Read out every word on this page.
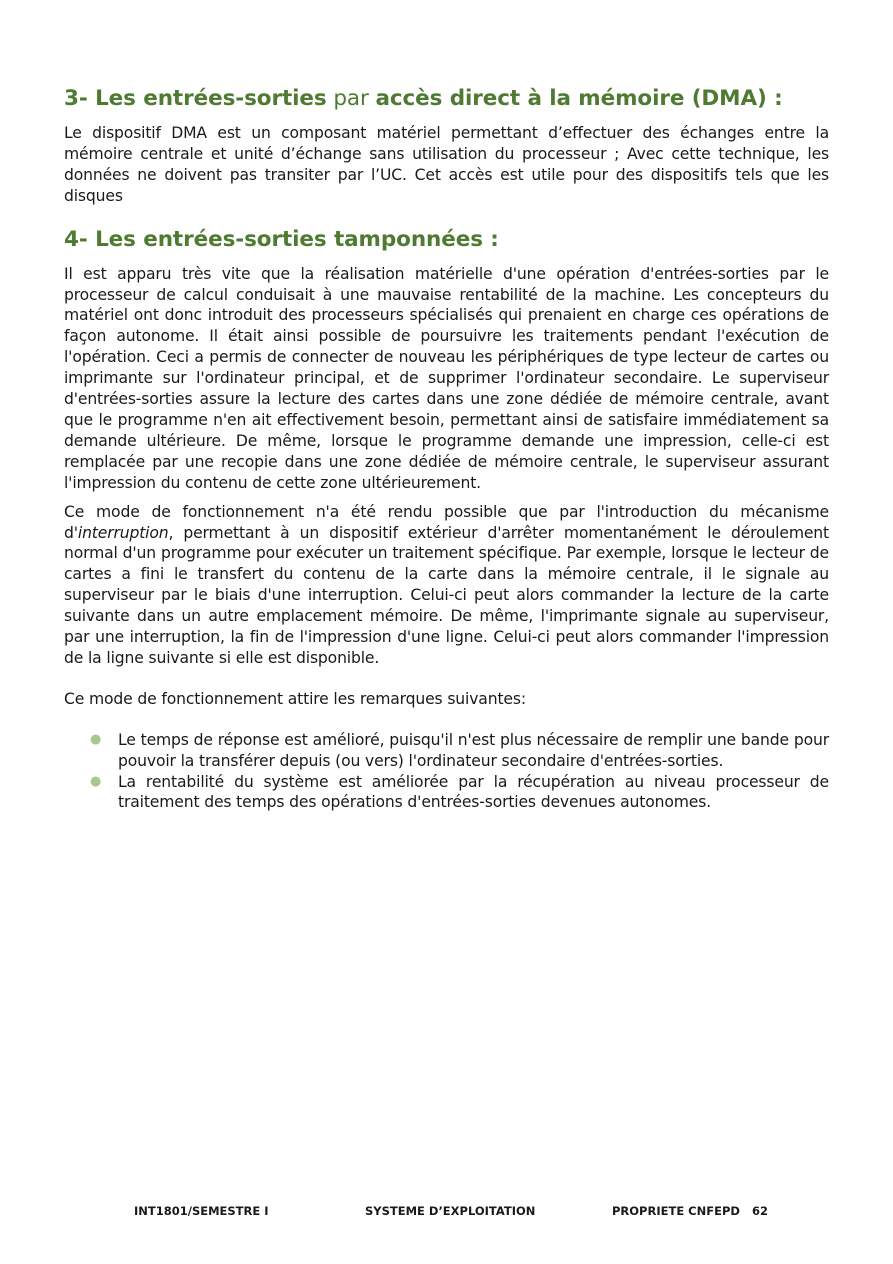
3- Les entrées-sorties par accès direct à la mémoire (DMA) :

Le dispositif DMA est un composant matériel permettant d’effectuer des échanges entre la mémoire centrale et unité d’échange sans utilisation du processeur ; Avec cette technique, les données ne doivent pas transiter par l’UC. Cet accès est utile pour des dispositifs tels que les disques

4- Les entrées-sorties tamponnées :

Il est apparu très vite que la réalisation matérielle d'une opération d'entrées-sorties par le processeur de calcul conduisait à une mauvaise rentabilité de la machine. Les concepteurs du matériel ont donc introduit des processeurs spécialisés qui prenaient en charge ces opérations de façon autonome. Il était ainsi possible de poursuivre les traitements pendant l'exécution de l'opération. Ceci a permis de connecter de nouveau les périphériques de type lecteur de cartes ou imprimante sur l'ordinateur principal, et de supprimer l'ordinateur secondaire. Le superviseur d'entrées-sorties assure la lecture des cartes dans une zone dédiée de mémoire centrale, avant que le programme n'en ait effectivement besoin, permettant ainsi de satisfaire immédiatement sa demande ultérieure. De même, lorsque le programme demande une impression, celle-ci est remplacée par une recopie dans une zone dédiée de mémoire centrale, le superviseur assurant l'impression du contenu de cette zone ultérieurement.

Ce mode de fonctionnement n'a été rendu possible que par l'introduction du mécanisme d'interruption, permettant à un dispositif extérieur d'arrêter momentanément le déroulement normal d'un programme pour exécuter un traitement spécifique. Par exemple, lorsque le lecteur de cartes a fini le transfert du contenu de la carte dans la mémoire centrale, il le signale au superviseur par le biais d'une interruption. Celui-ci peut alors commander la lecture de la carte suivante dans un autre emplacement mémoire. De même, l'imprimante signale au superviseur, par une interruption, la fin de l'impression d'une ligne. Celui-ci peut alors commander l'impression de la ligne suivante si elle est disponible.

Ce mode de fonctionnement attire les remarques suivantes:

● Le temps de réponse est amélioré, puisqu'il n'est plus nécessaire de remplir une bande pour pouvoir la transférer depuis (ou vers) l'ordinateur secondaire d'entrées-sorties.
● La rentabilité du système est améliorée par la récupération au niveau processeur de traitement des temps des opérations d'entrées-sorties devenues autonomes.
INT1801/SEMESTRE I	SYSTEME D’EXPLOITATION	PROPRIETE CNFEPD 62
